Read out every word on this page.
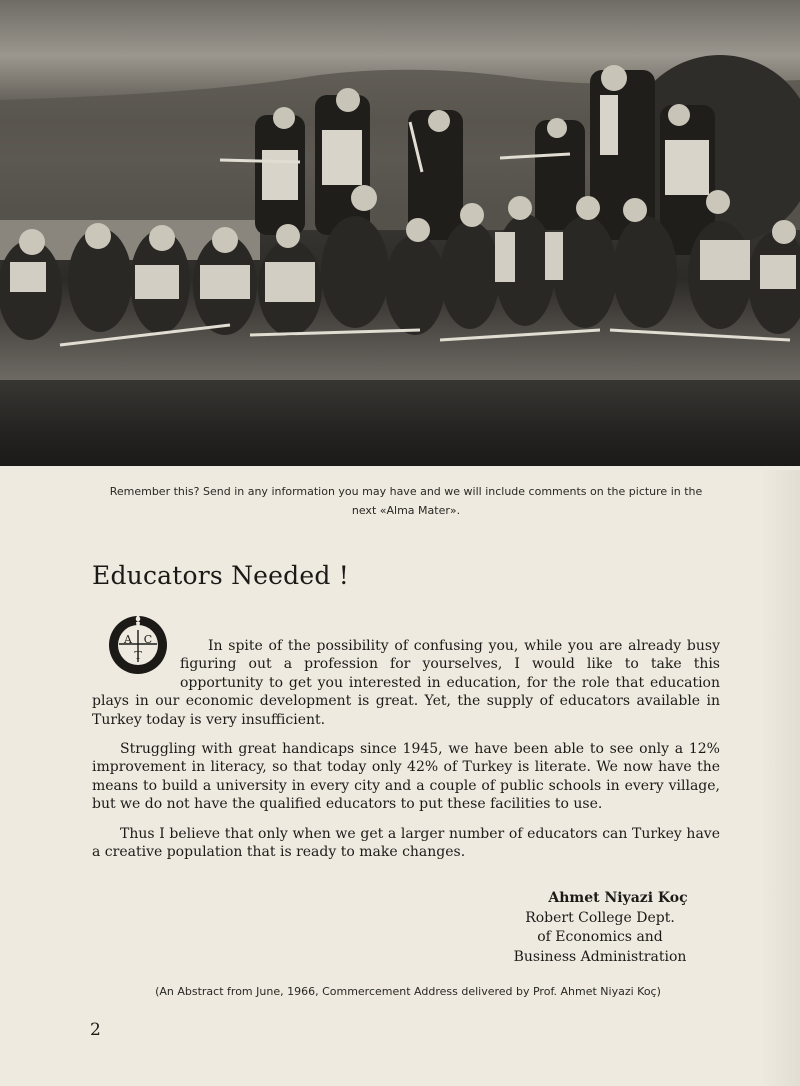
Remember this? Send in any information you may have and we will include comments on the picture in the next «Alma Mater».
Educators Needed !
A C
T

In spite of the possibility of confusing you, while you are already busy figuring out a profession for yourselves, I would like to take this opportunity to get you interested in education, for the role that education plays in our economic development is great. Yet, the supply of educators available in Turkey today is very insufficient.

Struggling with great handicaps since 1945, we have been able to see only a 12% improvement in literacy, so that today only 42% of Turkey is literate. We now have the means to build a university in every city and a couple of public schools in every village, but we do not have the qualified educators to put these facilities to use.

Thus I believe that only when we get a larger number of educators can Turkey have a creative population that is ready to make changes.

Ahmet Niyazi Koç
Robert College Dept.
of Economics and
Business Administration
(An Abstract from June, 1966, Commercement Address delivered by Prof. Ahmet Niyazi Koç)
2
